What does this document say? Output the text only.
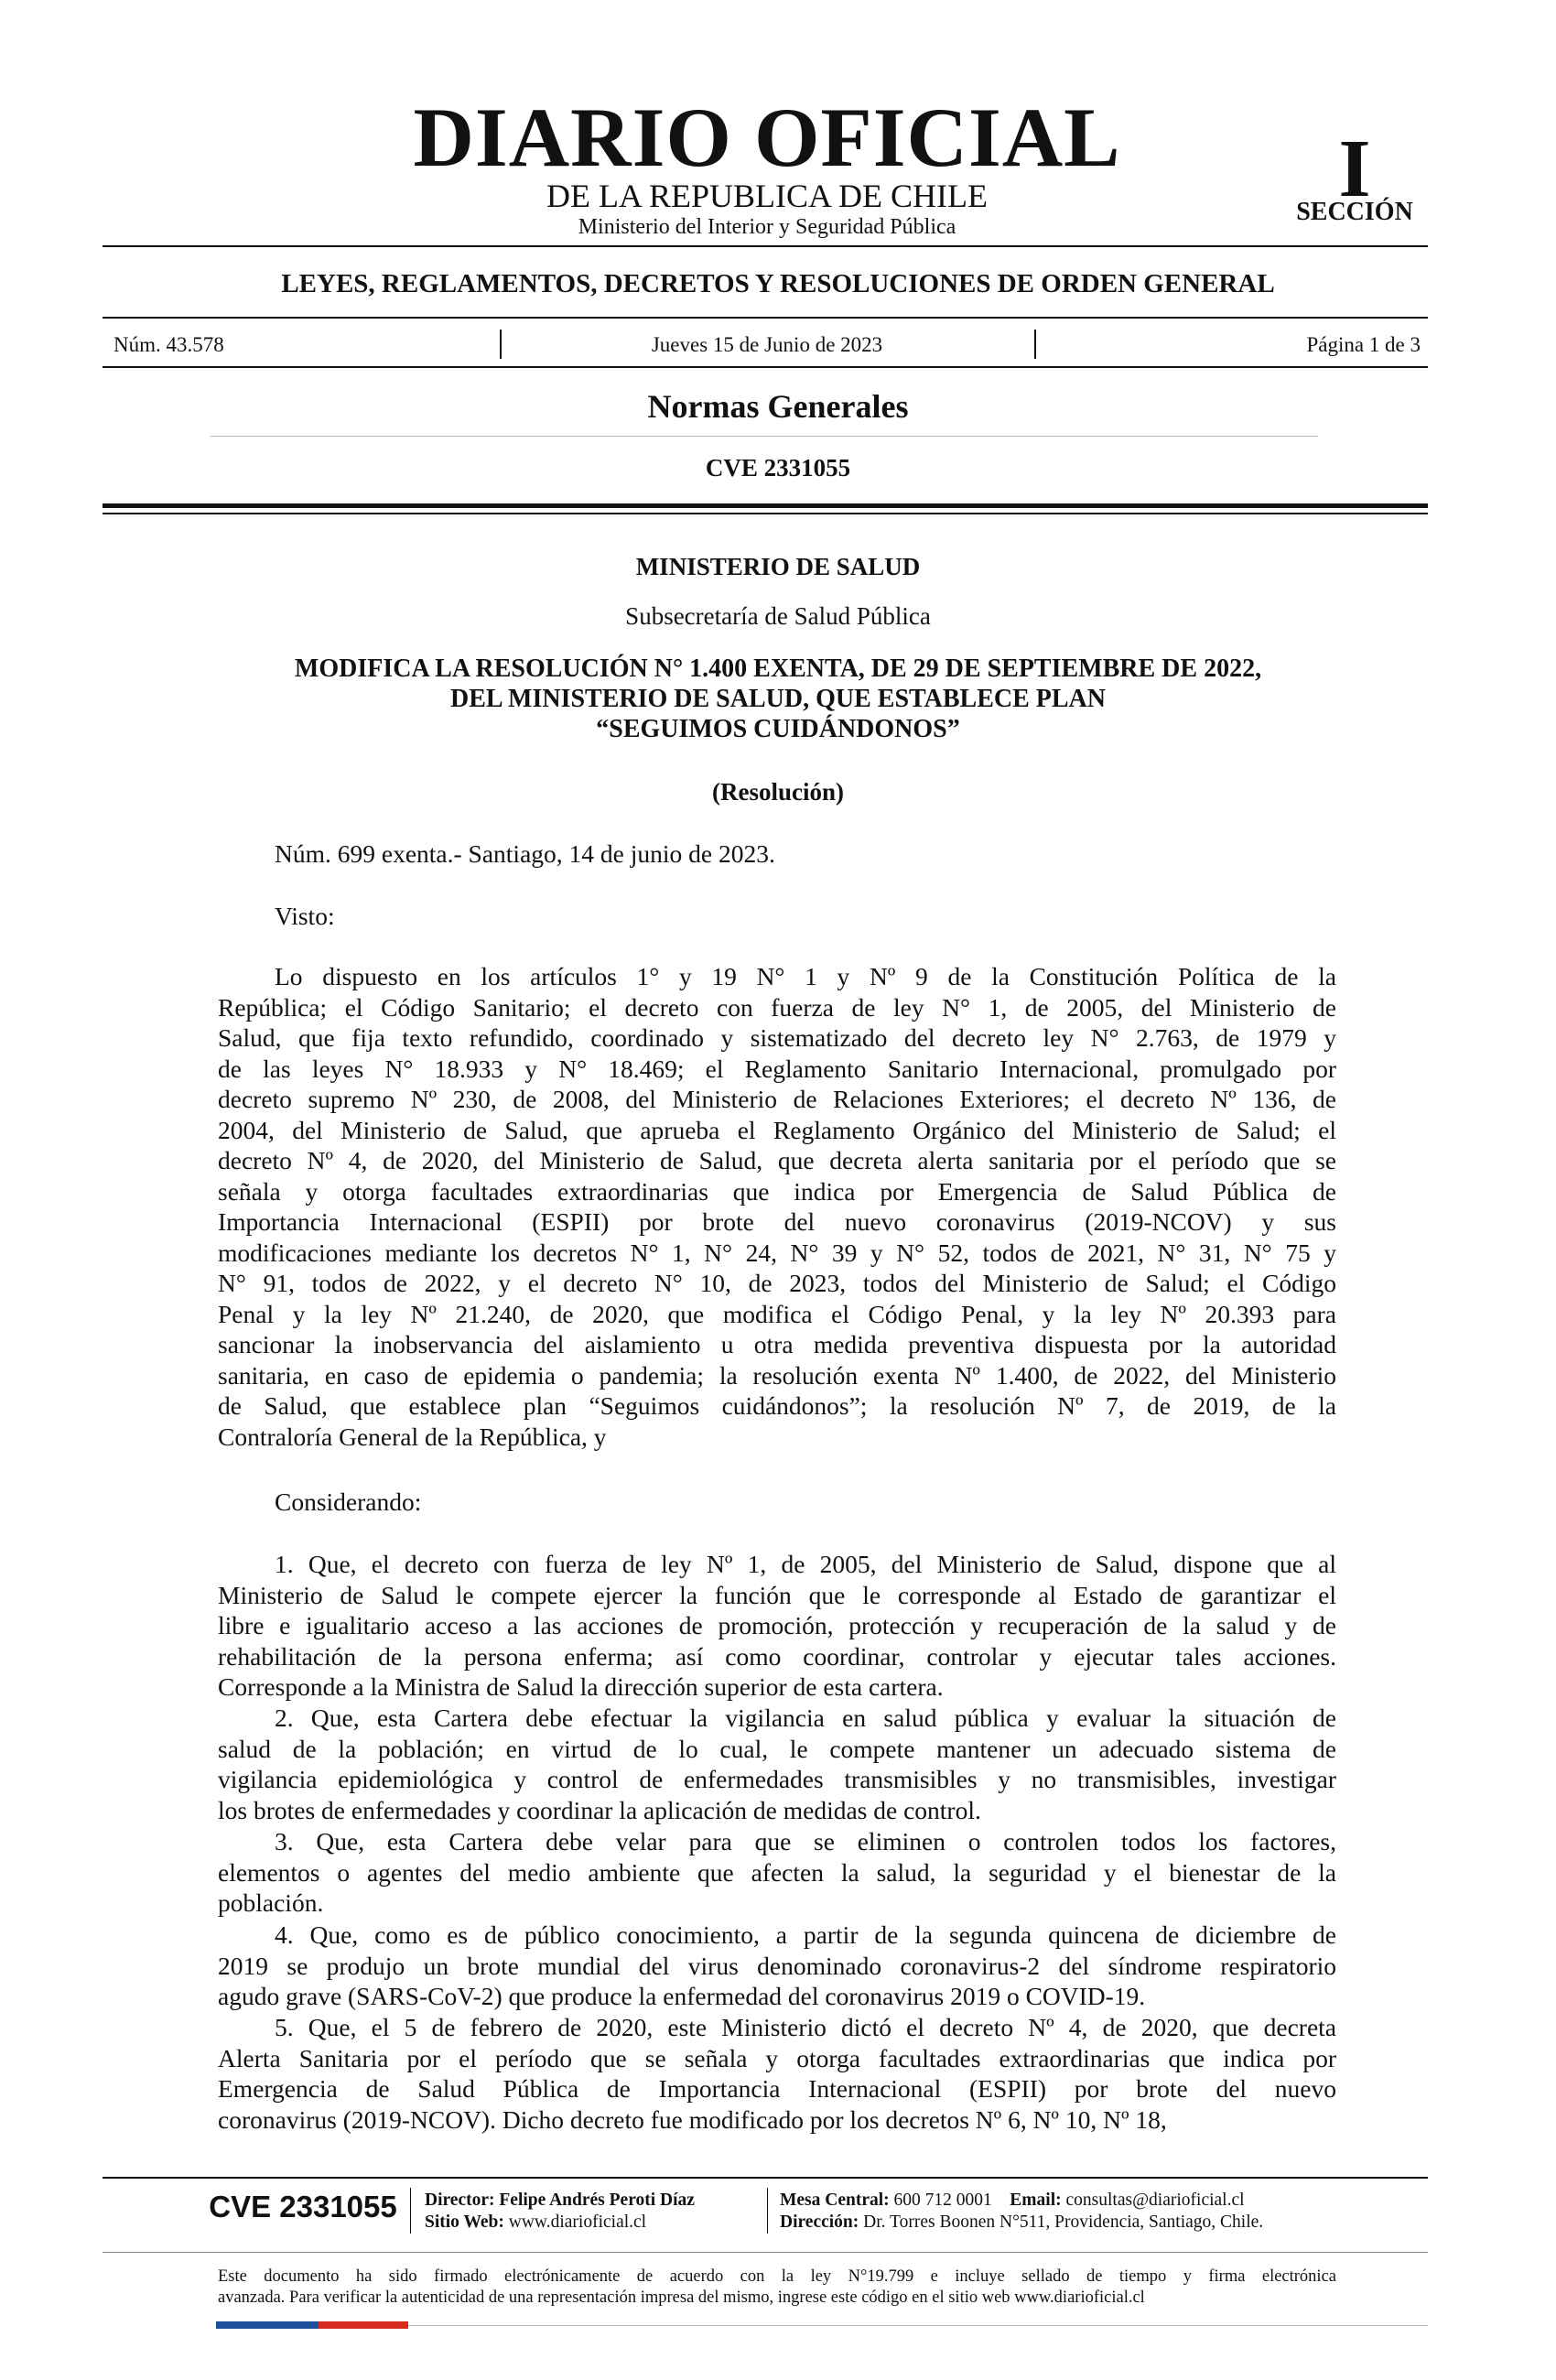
DIARIO OFICIAL
DE LA REPUBLICA DE CHILE
Ministerio del Interior y Seguridad Pública
I
SECCIÓN
LEYES, REGLAMENTOS, DECRETOS Y RESOLUCIONES DE ORDEN GENERAL
Núm. 43.578	Jueves 15 de Junio de 2023	Página 1 de 3
Normas Generales
CVE 2331055
MINISTERIO DE SALUD
Subsecretaría de Salud Pública
MODIFICA LA RESOLUCIÓN N° 1.400 EXENTA, DE 29 DE SEPTIEMBRE DE 2022,
DEL MINISTERIO DE SALUD, QUE ESTABLECE PLAN
“SEGUIMOS CUIDÁNDONOS”
(Resolución)
Núm. 699 exenta.- Santiago, 14 de junio de 2023.
Visto:
Lo dispuesto en los artículos 1° y 19 N° 1 y Nº 9 de la Constitución Política de la
República; el Código Sanitario; el decreto con fuerza de ley N° 1, de 2005, del Ministerio de
Salud, que fija texto refundido, coordinado y sistematizado del decreto ley N° 2.763, de 1979 y
de las leyes N° 18.933 y N° 18.469; el Reglamento Sanitario Internacional, promulgado por
decreto supremo Nº 230, de 2008, del Ministerio de Relaciones Exteriores; el decreto Nº 136, de
2004, del Ministerio de Salud, que aprueba el Reglamento Orgánico del Ministerio de Salud; el
decreto Nº 4, de 2020, del Ministerio de Salud, que decreta alerta sanitaria por el período que se
señala y otorga facultades extraordinarias que indica por Emergencia de Salud Pública de
Importancia Internacional (ESPII) por brote del nuevo coronavirus (2019-NCOV) y sus
modificaciones mediante los decretos N° 1, N° 24, N° 39 y N° 52, todos de 2021, N° 31, N° 75 y
N° 91, todos de 2022, y el decreto N° 10, de 2023, todos del Ministerio de Salud; el Código
Penal y la ley Nº 21.240, de 2020, que modifica el Código Penal, y la ley Nº 20.393 para
sancionar la inobservancia del aislamiento u otra medida preventiva dispuesta por la autoridad
sanitaria, en caso de epidemia o pandemia; la resolución exenta Nº 1.400, de 2022, del Ministerio
de Salud, que establece plan “Seguimos cuidándonos”; la resolución Nº 7, de 2019, de la
Contraloría General de la República, y
Considerando:
1. Que, el decreto con fuerza de ley Nº 1, de 2005, del Ministerio de Salud, dispone que al
Ministerio de Salud le compete ejercer la función que le corresponde al Estado de garantizar el
libre e igualitario acceso a las acciones de promoción, protección y recuperación de la salud y de
rehabilitación de la persona enferma; así como coordinar, controlar y ejecutar tales acciones.
Corresponde a la Ministra de Salud la dirección superior de esta cartera.
2. Que, esta Cartera debe efectuar la vigilancia en salud pública y evaluar la situación de
salud de la población; en virtud de lo cual, le compete mantener un adecuado sistema de
vigilancia epidemiológica y control de enfermedades transmisibles y no transmisibles, investigar
los brotes de enfermedades y coordinar la aplicación de medidas de control.
3. Que, esta Cartera debe velar para que se eliminen o controlen todos los factores,
elementos o agentes del medio ambiente que afecten la salud, la seguridad y el bienestar de la
población.
4. Que, como es de público conocimiento, a partir de la segunda quincena de diciembre de
2019 se produjo un brote mundial del virus denominado coronavirus-2 del síndrome respiratorio
agudo grave (SARS-CoV-2) que produce la enfermedad del coronavirus 2019 o COVID-19.
5. Que, el 5 de febrero de 2020, este Ministerio dictó el decreto Nº 4, de 2020, que decreta
Alerta Sanitaria por el período que se señala y otorga facultades extraordinarias que indica por
Emergencia de Salud Pública de Importancia Internacional (ESPII) por brote del nuevo
coronavirus (2019-NCOV). Dicho decreto fue modificado por los decretos Nº 6, Nº 10, Nº 18,
CVE 2331055	Director: Felipe Andrés Peroti Díaz
Sitio Web: www.diarioficial.cl
Mesa Central: 600 712 0001 Email: consultas@diarioficial.cl
Dirección: Dr. Torres Boonen N°511, Providencia, Santiago, Chile.
Este documento ha sido firmado electrónicamente de acuerdo con la ley N°19.799 e incluye sellado de tiempo y firma electrónica
avanzada. Para verificar la autenticidad de una representación impresa del mismo, ingrese este código en el sitio web www.diarioficial.cl
